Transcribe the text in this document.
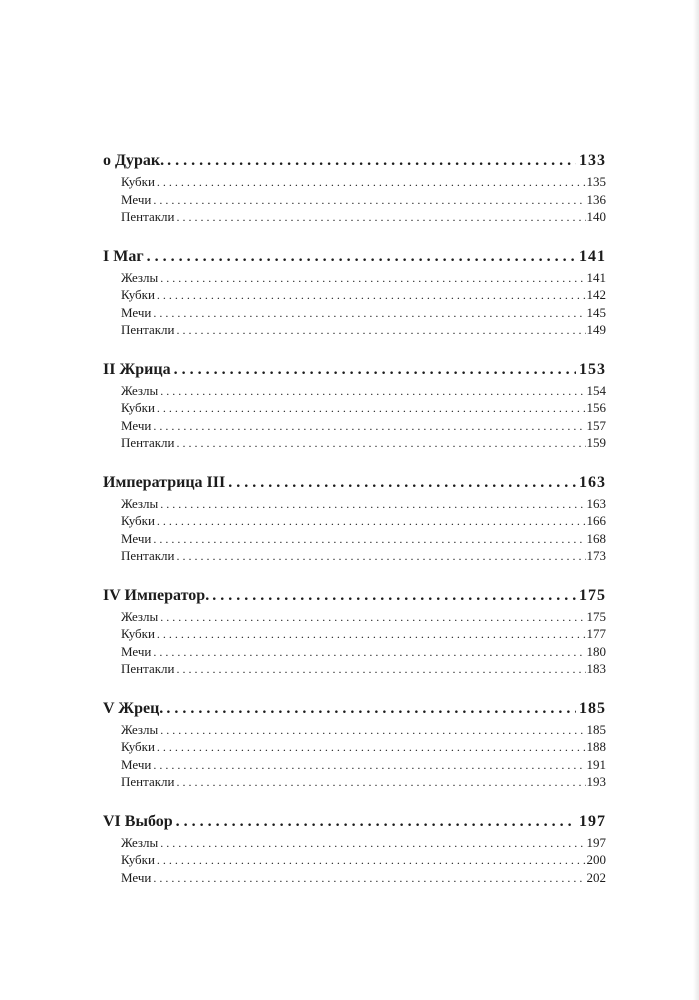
о Дурак. . . .	133
Кубки . . .	135
Мечи . . .	136
Пентакли . . .	140
I Маг . . .	141
Жезлы . . .	141
Кубки . . .	142
Мечи . . .	145
Пентакли . . .	149
II Жрица . . .	153
Жезлы . . .	154
Кубки . . .	156
Мечи . . .	157
Пентакли . . .	159
Императрица III . . .	163
Жезлы . . .	163
Кубки . . .	166
Мечи . . .	168
Пентакли . . .	173
IV Император. . . .	175
Жезлы . . .	175
Кубки . . .	177
Мечи . . .	180
Пентакли . . .	183
V Жрец. . . .	185
Жезлы . . .	185
Кубки . . .	188
Мечи . . .	191
Пентакли . . .	193
VI Выбор . . .	197
Жезлы . . .	197
Кубки . . .	200
Мечи . . .	202
